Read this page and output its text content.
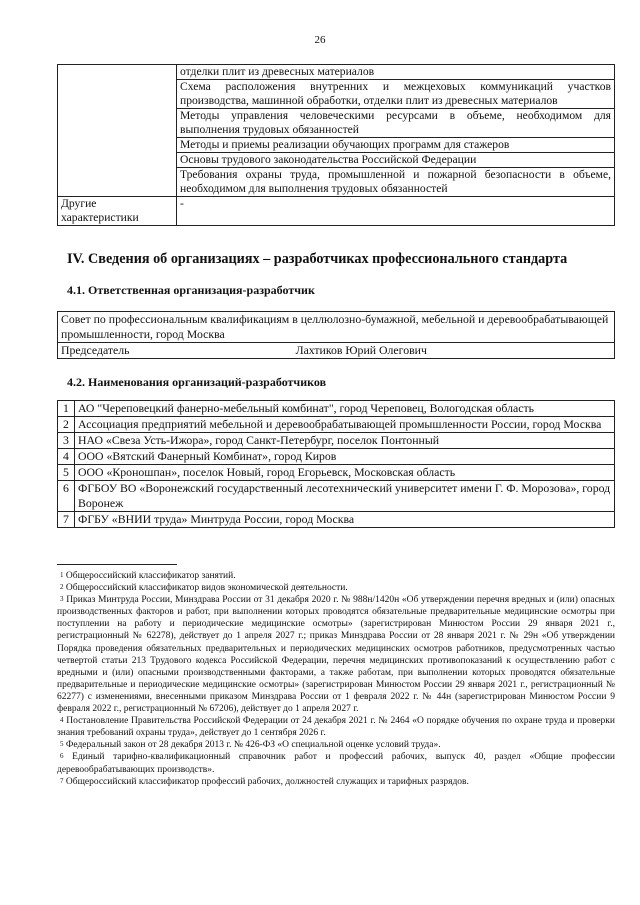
26
	отделки плит из древесных материалов
	Схема расположения внутренних и межцеховых коммуникаций участков производства, машинной обработки, отделки плит из древесных материалов
	Методы управления человеческими ресурсами в объеме, необходимом для выполнения трудовых обязанностей
	Методы и приемы реализации обучающих программ для стажеров
	Основы трудового законодательства Российской Федерации
	Требования охраны труда, промышленной и пожарной безопасности в объеме, необходимом для выполнения трудовых обязанностей
Другие характеристики	-
IV. Сведения об организациях – разработчиках профессионального стандарта
4.1. Ответственная организация-разработчик
Совет по профессиональным квалификациям в целлюлозно-бумажной, мебельной и деревообрабатывающей промышленности, город Москва
Председатель	Лахтиков Юрий Олегович
4.2. Наименования организаций-разработчиков
1	АО "Череповецкий фанерно-мебельный комбинат", город Череповец, Вологодская область
2	Ассоциация предприятий мебельной и деревообрабатывающей промышленности России, город Москва
3	НАО «Свеза Усть-Ижора», город Санкт-Петербург, поселок Понтонный
4	ООО «Вятский Фанерный Комбинат», город Киров
5	ООО «Кроношпан», поселок Новый, город Егорьевск, Московская область
6	ФГБОУ ВО «Воронежский государственный лесотехнический университет имени Г. Ф. Морозова», город Воронеж
7	ФГБУ «ВНИИ труда» Минтруда России, город Москва

$^1$ Общероссийский классификатор занятий.

$^2$ Общероссийский классификатор видов экономической деятельности.

$^3$ Приказ Минтруда России, Минздрава России от 31 декабря 2020 г. № 988н/1420н «Об утверждении перечня вредных и (или) опасных производственных факторов и работ, при выполнении которых проводятся обязательные предварительные медицинские осмотры при поступлении на работу и периодические медицинские осмотры» (зарегистрирован Минюстом России 29 января 2021 г., регистрационный № 62278), действует до 1 апреля 2027 г.; приказ Минздрава России от 28 января 2021 г. № 29н «Об утверждении Порядка проведения обязательных предварительных и периодических медицинских осмотров работников, предусмотренных частью четвертой статьи 213 Трудового кодекса Российской Федерации, перечня медицинских противопоказаний к осуществлению работ с вредными и (или) опасными производственными факторами, а также работам, при выполнении которых проводятся обязательные предварительные и периодические медицинские осмотры» (зарегистрирован Минюстом России 29 января 2021 г., регистрационный № 62277) с изменениями, внесенными приказом Минздрава России от 1 февраля 2022 г. № 44н (зарегистрирован Минюстом России 9 февраля 2022 г., регистрационный № 67206), действует до 1 апреля 2027 г.

$^4$ Постановление Правительства Российской Федерации от 24 декабря 2021 г. № 2464 «О порядке обучения по охране труда и проверки знания требований охраны труда», действует до 1 сентября 2026 г.

$^5$ Федеральный закон от 28 декабря 2013 г. № 426-ФЗ «О специальной оценке условий труда».

$^6$ Единый тарифно-квалификационный справочник работ и профессий рабочих, выпуск 40, раздел «Общие профессии деревообрабатывающих производств».

$^7$ Общероссийский классификатор профессий рабочих, должностей служащих и тарифных разрядов.
